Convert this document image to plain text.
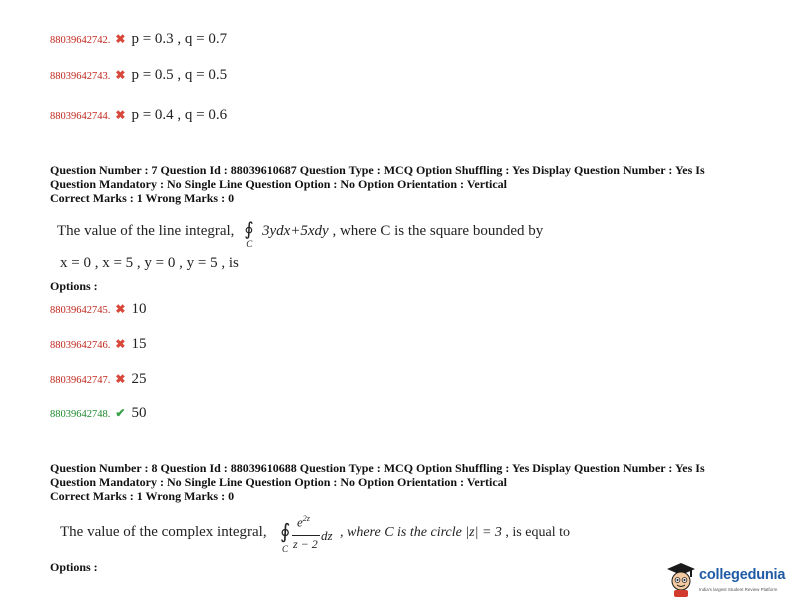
88039642742. ✖ p = 0.3 , q = 0.7
88039642743. ✖ p = 0.5 , q = 0.5
88039642744. ✖ p = 0.4 , q = 0.6
Question Number : 7 Question Id : 88039610687 Question Type : MCQ Option Shuffling : Yes Display Question Number : Yes Is
Question Mandatory : No Single Line Question Option : No Option Orientation : Vertical
Correct Marks : 1 Wrong Marks : 0
The value of the line integral, ∮
C
3ydx+5xdy , where C is the square bounded by
x = 0 , x = 5 , y = 0 , y = 5 , is
Options :
88039642745. ✖ 10
88039642746. ✖ 15
88039642747. ✖ 25
88039642748. ✔ 50
Question Number : 8 Question Id : 88039610688 Question Type : MCQ Option Shuffling : Yes Display Question Number : Yes Is
Question Mandatory : No Single Line Question Option : No Option Orientation : Vertical
Correct Marks : 1 Wrong Marks : 0
The value of the complex integral, ∮
C
$e^{2z}$
z − 2
dz , where C is the circle |z| = 3 , is equal to
Options :	collegedunia
India's largest Student Review Platform
